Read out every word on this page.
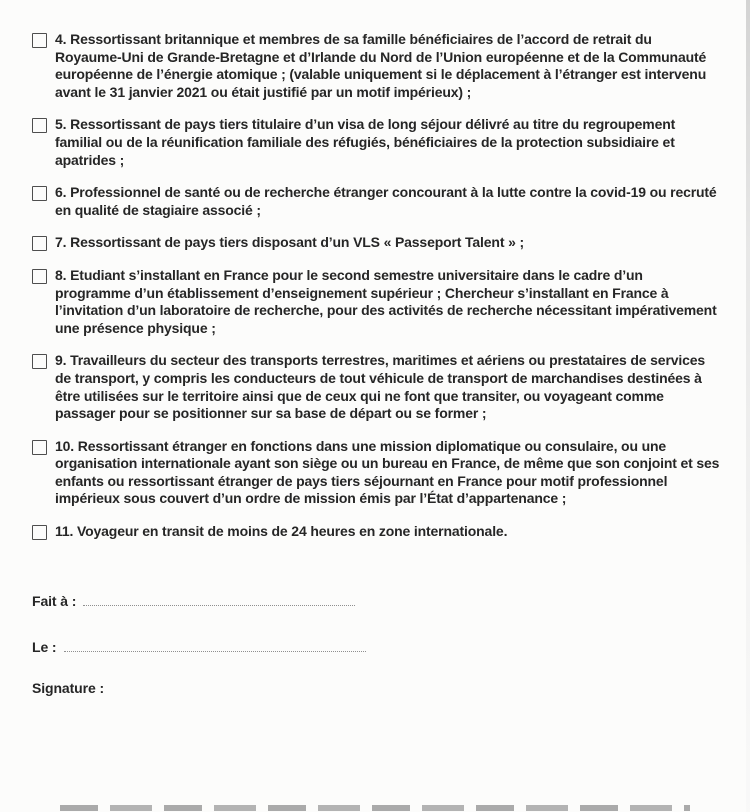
4. Ressortissant britannique et membres de sa famille bénéficiaires de l’accord de retrait du Royaume-Uni de Grande-Bretagne et d’Irlande du Nord de l’Union européenne et de la Communauté européenne de l’énergie atomique ; (valable uniquement si le déplacement à l’étranger est intervenu avant le 31 janvier 2021 ou était justifié par un motif impérieux) ;

5. Ressortissant de pays tiers titulaire d’un visa de long séjour délivré au titre du regroupement familial ou de la réunification familiale des réfugiés, bénéficiaires de la protection subsidiaire et apatrides ;

6. Professionnel de santé ou de recherche étranger concourant à la lutte contre la covid-19 ou recruté en qualité de stagiaire associé ;

7. Ressortissant de pays tiers disposant d’un VLS « Passeport Talent » ;

8. Etudiant s’installant en France pour le second semestre universitaire dans le cadre d’un programme d’un établissement d’enseignement supérieur ; Chercheur s’installant en France à l’invitation d’un laboratoire de recherche, pour des activités de recherche nécessitant impérativement une présence physique ;

9. Travailleurs du secteur des transports terrestres, maritimes et aériens ou prestataires de services de transport, y compris les conducteurs de tout véhicule de transport de marchandises destinées à être utilisées sur le territoire ainsi que de ceux qui ne font que transiter, ou voyageant comme passager pour se positionner sur sa base de départ ou se former ;

10. Ressortissant étranger en fonctions dans une mission diplomatique ou consulaire, ou une organisation internationale ayant son siège ou un bureau en France, de même que son conjoint et ses enfants ou ressortissant étranger de pays tiers séjournant en France pour motif professionnel impérieux sous couvert d’un ordre de mission émis par l’État d’appartenance ;

11. Voyageur en transit de moins de 24 heures en zone internationale.

Fait à :
Le :
Signature :
